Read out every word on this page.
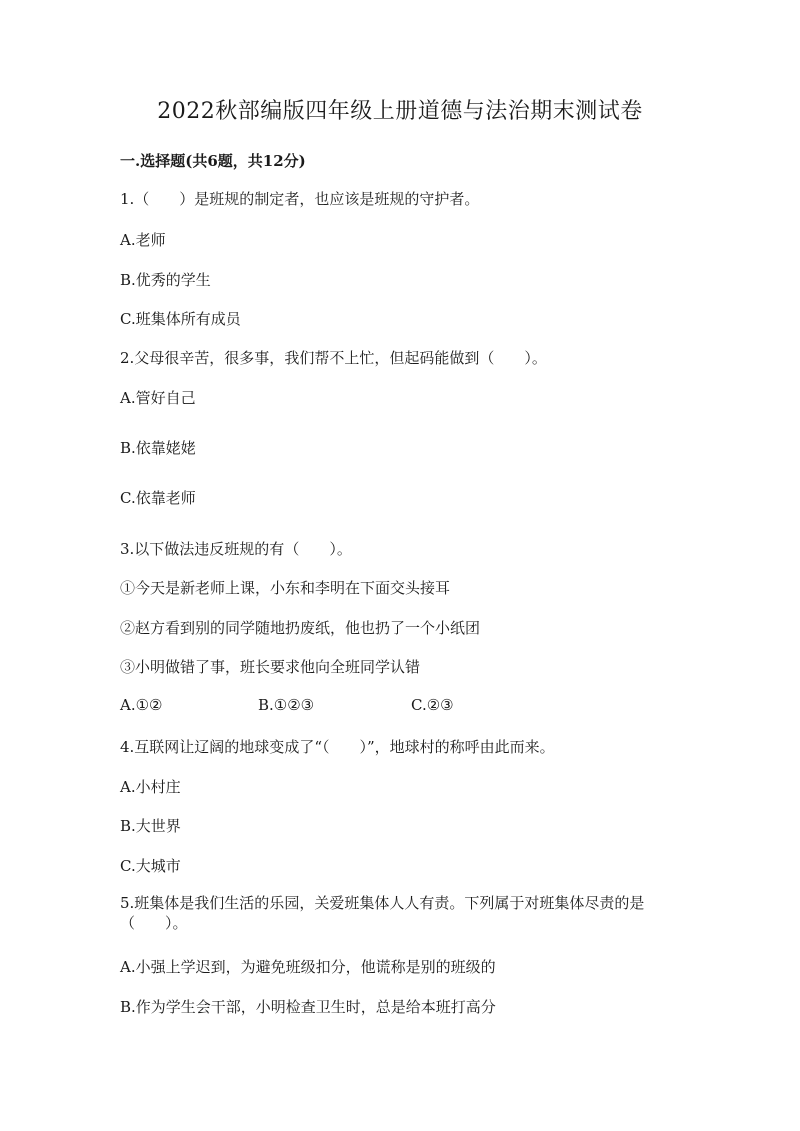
2022秋部编版四年级上册道德与法治期末测试卷
一.选择题(共6题，共12分)
1.（　　）是班规的制定者，也应该是班规的守护者。
A.老师
B.优秀的学生
C.班集体所有成员
2.父母很辛苦，很多事，我们帮不上忙，但起码能做到（　　）。
A.管好自己
B.依靠姥姥
C.依靠老师
3.以下做法违反班规的有（　　）。
①今天是新老师上课，小东和李明在下面交头接耳
②赵方看到别的同学随地扔废纸，他也扔了一个小纸团
③小明做错了事，班长要求他向全班同学认错
A.①②	B.①②③	C.②③
4.互联网让辽阔的地球变成了“（　　）”，地球村的称呼由此而来。
A.小村庄
B.大世界
C.大城市
5.班集体是我们生活的乐园，关爱班集体人人有责。下列属于对班集体尽责的是（　　）。
A.小强上学迟到，为避免班级扣分，他谎称是别的班级的
B.作为学生会干部，小明检查卫生时，总是给本班打高分
